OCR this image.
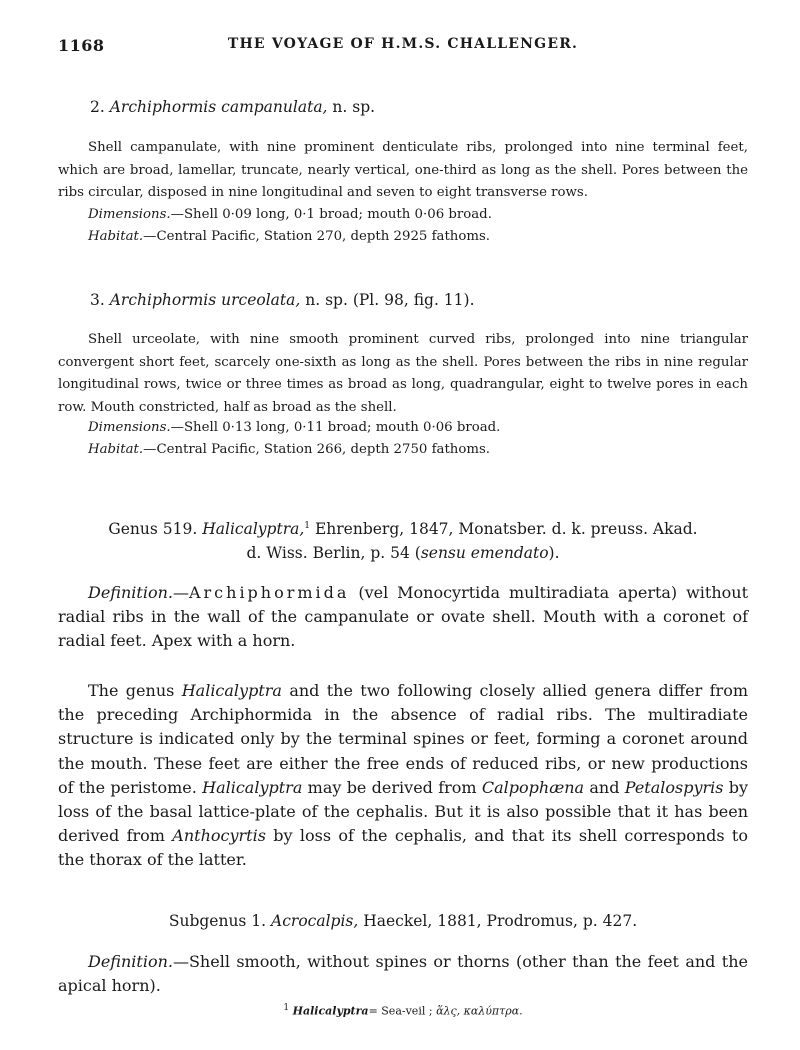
1168	THE VOYAGE OF H.M.S. CHALLENGER.
2. Archiphormis campanulata, n. sp.
Shell campanulate, with nine prominent denticulate ribs, prolonged into nine terminal feet, which are broad, lamellar, truncate, nearly vertical, one-third as long as the shell. Pores between the ribs circular, disposed in nine longitudinal and seven to eight transverse rows.
Dimensions.—Shell 0·09 long, 0·1 broad; mouth 0·06 broad.
Habitat.—Central Pacific, Station 270, depth 2925 fathoms.
3. Archiphormis urceolata, n. sp. (Pl. 98, fig. 11).
Shell urceolate, with nine smooth prominent curved ribs, prolonged into nine triangular convergent short feet, scarcely one-sixth as long as the shell. Pores between the ribs in nine regular longitudinal rows, twice or three times as broad as long, quadrangular, eight to twelve pores in each row. Mouth constricted, half as broad as the shell.
Dimensions.—Shell 0·13 long, 0·11 broad; mouth 0·06 broad.
Habitat.—Central Pacific, Station 266, depth 2750 fathoms.
Genus 519. Halicalyptra,$^1$ Ehrenberg, 1847, Monatsber. d. k. preuss. Akad.
d. Wiss. Berlin, p. 54 (sensu emendato).
Definition.—Archiphormida (vel Monocyrtida multiradiata aperta) without radial ribs in the wall of the campanulate or ovate shell. Mouth with a coronet of radial feet. Apex with a horn.
The genus Halicalyptra and the two following closely allied genera differ from the preceding Archiphormida in the absence of radial ribs. The multiradiate structure is indicated only by the terminal spines or feet, forming a coronet around the mouth. These feet are either the free ends of reduced ribs, or new productions of the peristome. Halicalyptra may be derived from Calpophæna and Petalospyris by loss of the basal lattice-plate of the cephalis. But it is also possible that it has been derived from Anthocyrtis by loss of the cephalis, and that its shell corresponds to the thorax of the latter.
Subgenus 1. Acrocalpis, Haeckel, 1881, Prodromus, p. 427.
Definition.—Shell smooth, without spines or thorns (other than the feet and the apical horn).
$^1$ Halicalyptra= Sea-veil ; ἅλς, καλύπτρα.
